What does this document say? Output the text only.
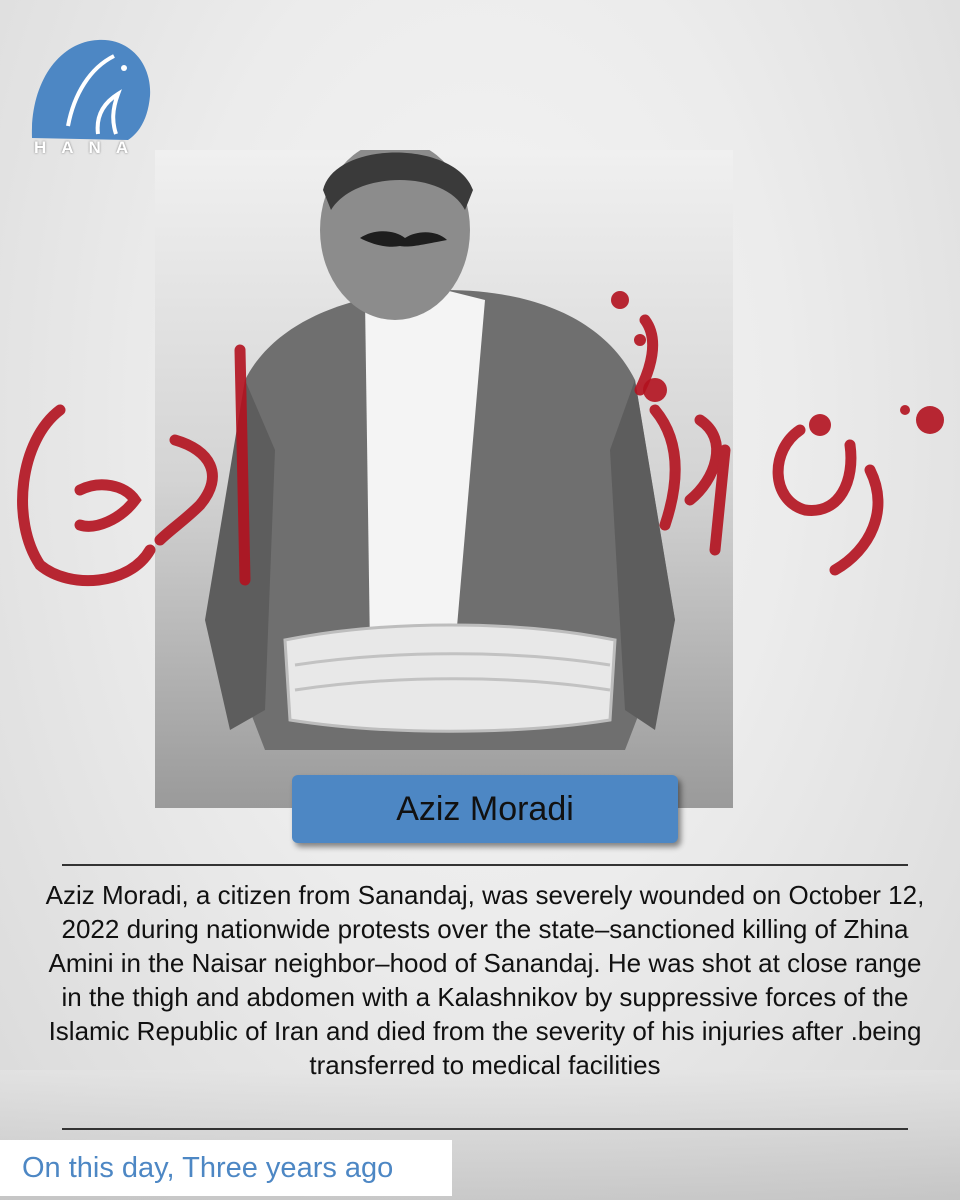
HANA
Aziz Moradi
Aziz Moradi, a citizen from Sanandaj, was severely wounded on October 12, 2022 during nationwide protests over the state–sanctioned killing of Zhina Amini in the Naisar neighbor–hood of Sanandaj. He was shot at close range in the thigh and abdomen with a Kalashnikov by suppressive forces of the Islamic Republic of Iran and died from the severity of his injuries after .being transferred to medical facilities
On this day, Three years ago
